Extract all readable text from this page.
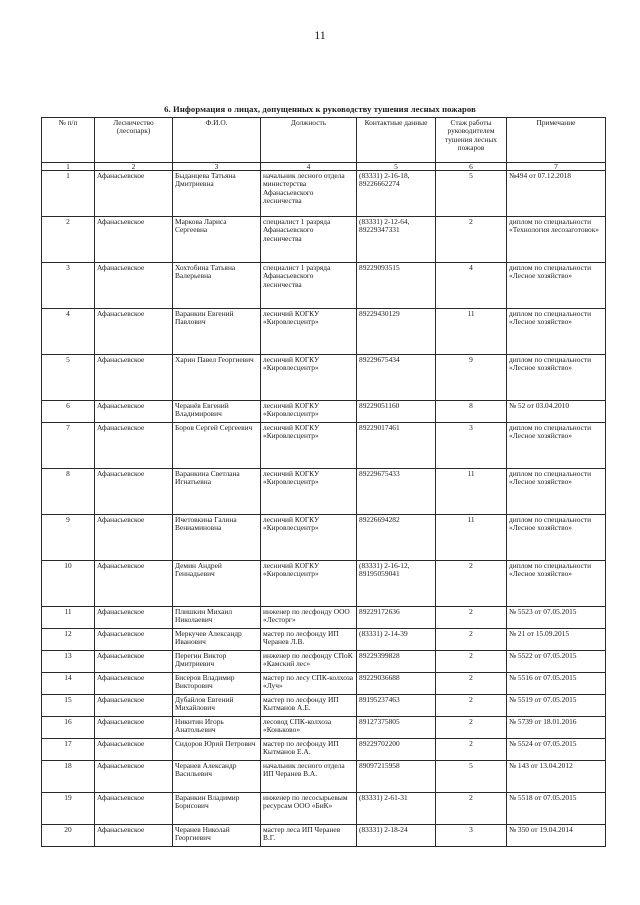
11
6. Информация о лицах, допущенных к руководству тушения лесных пожаров
№ п/п	Лесничество (лесопарк)	Ф.И.О.	Должность	Контактные данные	Стаж работы руководителем тушения лесных пожаров	Примечание
1	2	3	4	5	6	7
1	Афанасьевское	Быданцева Татьяна Дмитриевна	начальник лесного отдела министерства Афанасьевского лесничества	(83331) 2-16-18, 89226662274	5	№494 от 07.12.2018
2	Афанасьевское	Маркова Лариса Сергеевна	специалист 1 разряда Афанасьевского лесничества	(83331) 2-12-64, 89229347331	2	диплом по специальности «Технология лесозаготовок»
3	Афанасьевское	Хохтобина Татьяна Валерьевна	специалист 1 разряда Афанасьевского лесничества	89229093515	4	диплом по специальности «Лесное хозяйство»
4	Афанасьевское	Варанкин Евгений Павлович	лесничий КОГКУ «Кировлесцентр»	89229430129	11	диплом по специальности «Лесное хозяйство»
5	Афанасьевское	Харин Павел Георгиевич	лесничий КОГКУ «Кировлесцентр»	89229675434	9	диплом по специальности «Лесное хозяйство»
6	Афанасьевское	Черанёв Евгений Владимирович	лесничий КОГКУ «Кировлесцентр»	89229051160	8	№ 52 от 03.04.2010
7	Афанасьевское	Боров Сергей Сергеевич	лесничий КОГКУ «Кировлесцентр»	89229017461	3	диплом по специальности «Лесное хозяйство»
8	Афанасьевское	Варанкина Светлана Игнатьевна	лесничий КОГКУ «Кировлесцентр»	89229675433	11	диплом по специальности «Лесное хозяйство»
9	Афанасьевское	Ичетовкина Галина Вениаминовна	лесничий КОГКУ «Кировлесцентр»	89226694282	11	диплом по специальности «Лесное хозяйство»
10	Афанасьевское	Демин Андрей Геннадьевич	лесничий КОГКУ «Кировлесцентр»	(83331) 2-16-12, 89195059041	2	диплом по специальности «Лесное хозяйство»
11	Афанасьевское	Плишкин Михаил Николаевич	инженер по лесфонду ООО «Лесторг»	89229172636	2	№ 5523 от 07.05.2015
12	Афанасьевское	Меркучев Александр Иванович	мастер по лесфонду ИП Черанев Л.В.	(83331) 2-14-39	2	№ 21 от 15.09.2015
13	Афанасьевское	Перегин Виктор Дмитриевич	инженер по лесфонду СПоК «Камский лес»	89229399828	2	№ 5522 от 07.05.2015
14	Афанасьевское	Бисеров Владимир Викторович	мастер по лесу СПК-колхоза «Луч»	89229036688	2	№ 5516 от 07.05.2015
15	Афанасьевское	Дубайлов Евгений Михайлович	мастер по лесфонду ИП Кытманов А.Е.	89195237463	2	№ 5519 от 07.05.2015
16	Афанасьевское	Никитин Игорь Анатольевич	лесовод СПК-колхоза «Коньково»	89127375805	2	№ 5739 от 18.01.2016
17	Афанасьевское	Сидоров Юрий Петрович	мастер по лесфонду ИП Кытманов Е.А.	89229702200	2	№ 5524 от 07.05.2015
18	Афанасьевское	Черанев Александр Васильевич	начальник лесного отдела ИП Черанев В.А.	89097215958	5	№ 143 от 13.04.2012
19	Афанасьевское	Варанкин Владимир Борисович	инженер по лесосырьевым ресурсам ООО «БиК»	(83331) 2-61-31	2	№ 5518 от 07.05.2015
20	Афанасьевское	Черанев Николай Георгиевич	мастер леса ИП Черанев В.Г.	(83331) 2-18-24	3	№ 350 от 19.04.2014
